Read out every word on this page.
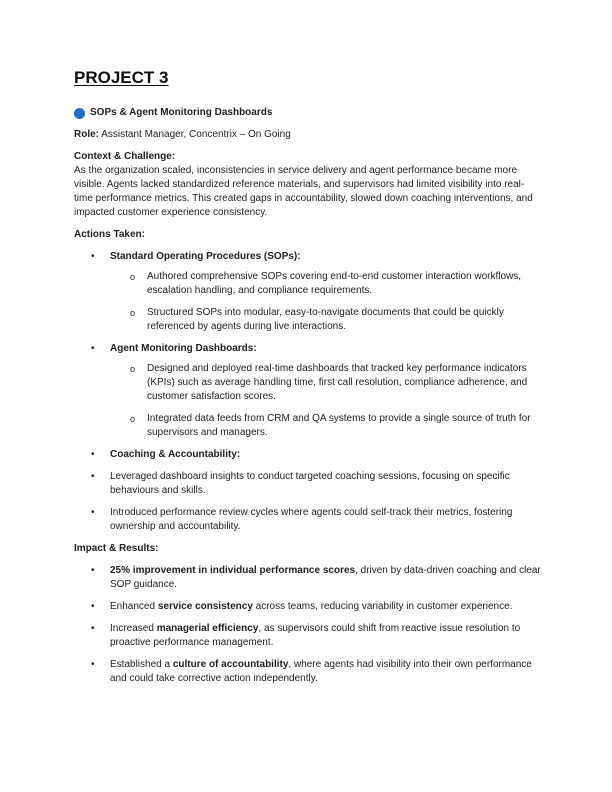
PROJECT 3
SOPs & Agent Monitoring Dashboards
Role: Assistant Manager, Concentrix – On Going
Context & Challenge:
As the organization scaled, inconsistencies in service delivery and agent performance became more visible. Agents lacked standardized reference materials, and supervisors had limited visibility into real-time performance metrics. This created gaps in accountability, slowed down coaching interventions, and impacted customer experience consistency.
Actions Taken:
• Standard Operating Procedures (SOPs):
o Authored comprehensive SOPs covering end-to-end customer interaction workflows, escalation handling, and compliance requirements.
o Structured SOPs into modular, easy-to-navigate documents that could be quickly referenced by agents during live interactions.
• Agent Monitoring Dashboards:
o Designed and deployed real-time dashboards that tracked key performance indicators (KPIs) such as average handling time, first call resolution, compliance adherence, and customer satisfaction scores.
o Integrated data feeds from CRM and QA systems to provide a single source of truth for supervisors and managers.
• Coaching & Accountability:
• Leveraged dashboard insights to conduct targeted coaching sessions, focusing on specific behaviours and skills.
• Introduced performance review cycles where agents could self-track their metrics, fostering ownership and accountability.
Impact & Results:
• 25% improvement in individual performance scores, driven by data-driven coaching and clear SOP guidance.
• Enhanced service consistency across teams, reducing variability in customer experience.
• Increased managerial efficiency, as supervisors could shift from reactive issue resolution to proactive performance management.
• Established a culture of accountability, where agents had visibility into their own performance and could take corrective action independently.
